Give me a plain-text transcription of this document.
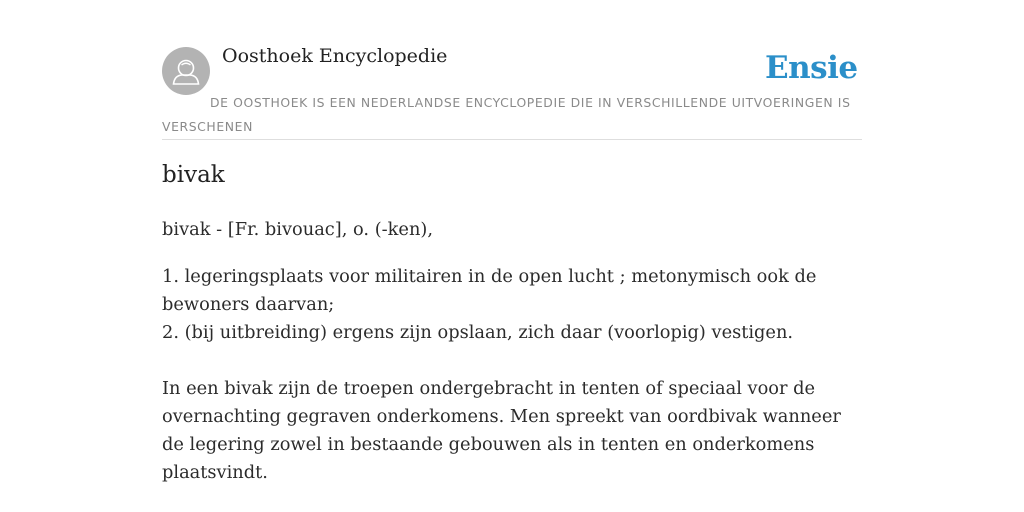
Oosthoek Encyclopedie	Ensie
DE OOSTHOEK IS EEN NEDERLANDSE ENCYCLOPEDIE DIE IN VERSCHILLENDE UITVOERINGEN IS VERSCHENEN
bivak

bivak - [Fr. bivouac], o. (-ken),

1. legeringsplaats voor militairen in de open lucht ; metonymisch ook de bewoners daarvan;

2. (bij uitbreiding) ergens zijn opslaan, zich daar (voorlopig) vestigen.

In een bivak zijn de troepen ondergebracht in tenten of speciaal voor de overnachting gegraven onderkomens. Men spreekt van oordbivak wanneer de legering zowel in bestaande gebouwen als in tenten en onderkomens plaatsvindt.
